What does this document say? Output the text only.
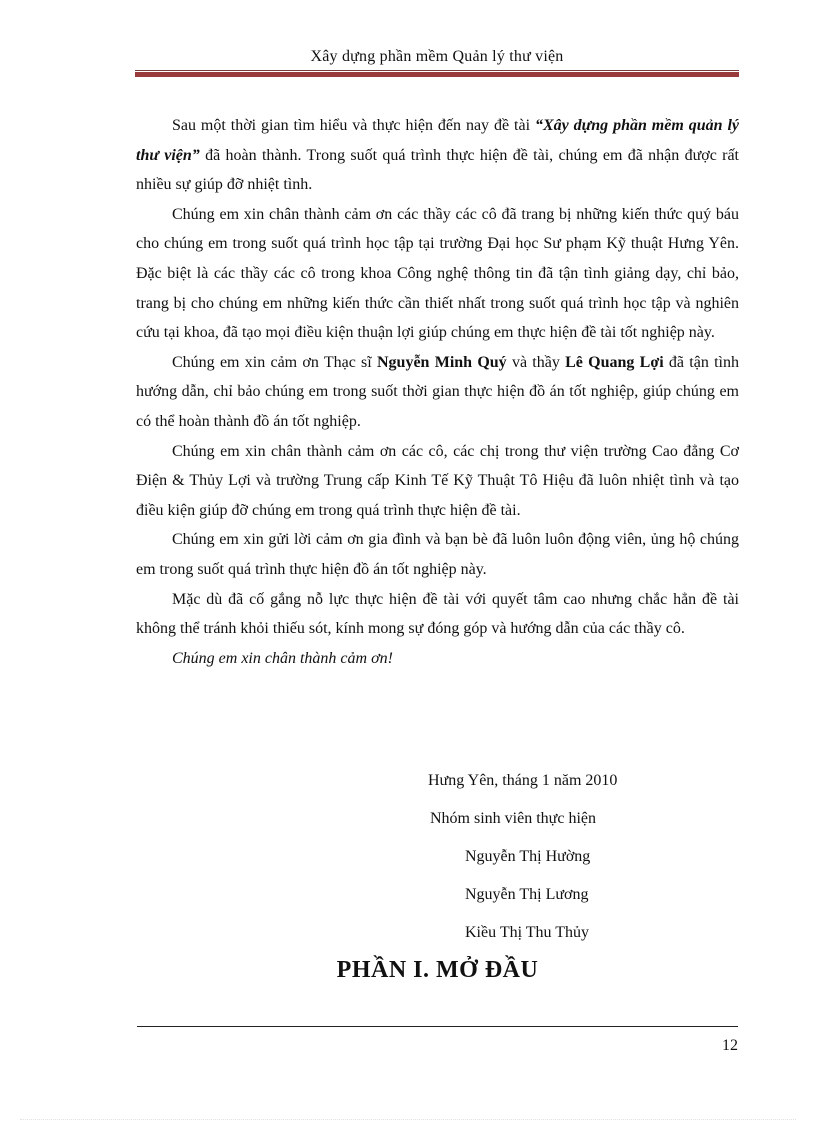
Xây dựng phần mềm Quản lý thư viện

Sau một thời gian tìm hiểu và thực hiện đến nay đề tài “Xây dựng phần mềm quản lý thư viện” đã hoàn thành. Trong suốt quá trình thực hiện đề tài, chúng em đã nhận được rất nhiều sự giúp đỡ nhiệt tình.

Chúng em xin chân thành cảm ơn các thầy các cô đã trang bị những kiến thức quý báu cho chúng em trong suốt quá trình học tập tại trường Đại học Sư phạm Kỹ thuật Hưng Yên. Đặc biệt là các thầy các cô trong khoa Công nghệ thông tin đã tận tình giảng dạy, chỉ bảo, trang bị cho chúng em những kiến thức cần thiết nhất trong suốt quá trình học tập và nghiên cứu tại khoa, đã tạo mọi điều kiện thuận lợi giúp chúng em thực hiện đề tài tốt nghiệp này.

Chúng em xin cảm ơn Thạc sĩ Nguyễn Minh Quý và thầy Lê Quang Lợi đã tận tình hướng dẫn, chỉ bảo chúng em trong suốt thời gian thực hiện đồ án tốt nghiệp, giúp chúng em có thể hoàn thành đồ án tốt nghiệp.

Chúng em xin chân thành cảm ơn các cô, các chị trong thư viện trường Cao đẳng Cơ Điện & Thủy Lợi và trường Trung cấp Kinh Tế Kỹ Thuật Tô Hiệu đã luôn nhiệt tình và tạo điều kiện giúp đỡ chúng em trong quá trình thực hiện đề tài.

Chúng em xin gửi lời cảm ơn gia đình và bạn bè đã luôn luôn động viên, ủng hộ chúng em trong suốt quá trình thực hiện đồ án tốt nghiệp này.

Mặc dù đã cố gắng nỗ lực thực hiện đề tài với quyết tâm cao nhưng chắc hẳn đề tài không thể tránh khỏi thiếu sót, kính mong sự đóng góp và hướng dẫn của các thầy cô.

Chúng em xin chân thành cảm ơn!

Hưng Yên, tháng 1 năm 2010
Nhóm sinh viên thực hiện
Nguyễn Thị Hường
Nguyễn Thị Lương
Kiều Thị Thu Thủy
PHẦN I. MỞ ĐẦU
12
